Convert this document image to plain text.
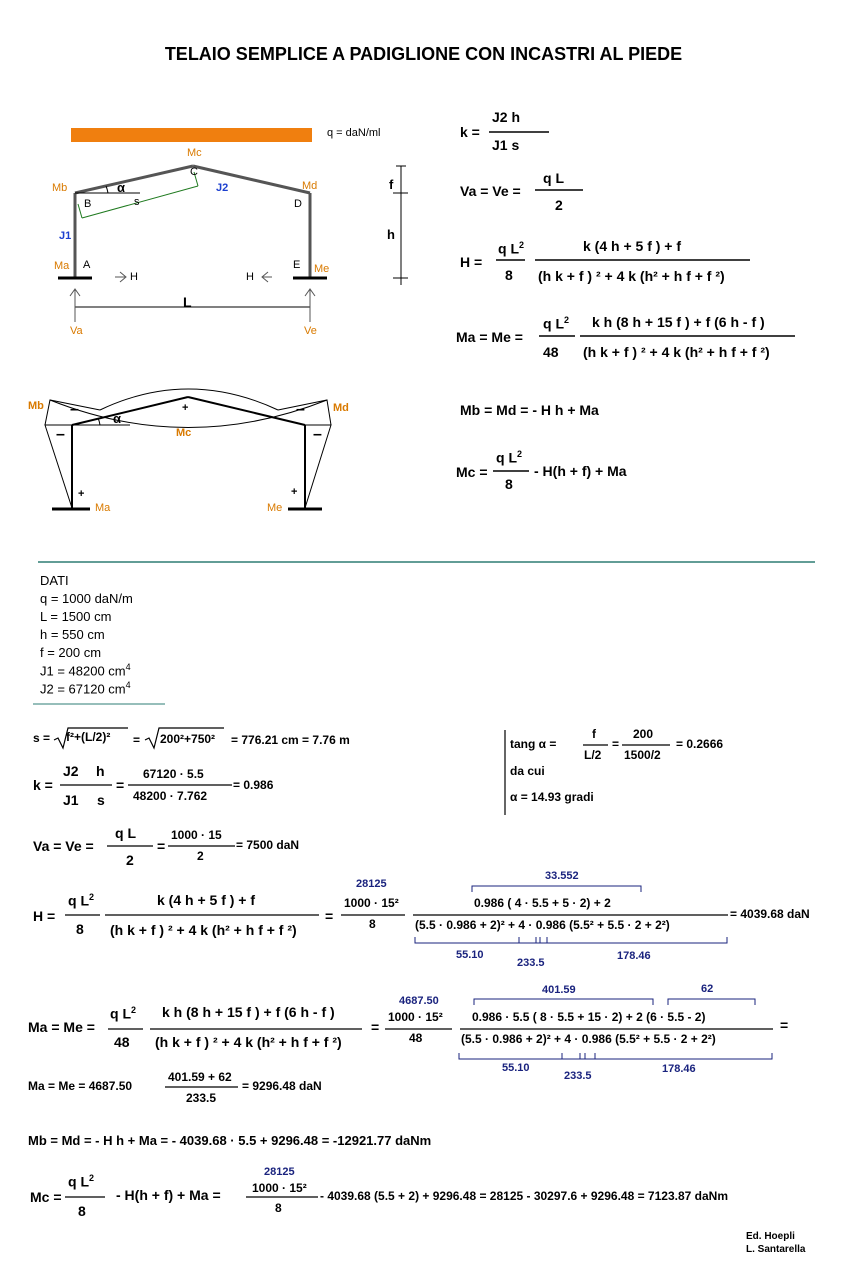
TELAIO SEMPLICE A PADIGLIONE CON INCASTRI AL PIEDE
q = daN/ml
Mc
C
Mb	Md
α	J2
B	s	D
J1
Ma A
H	H
E Me
L
Va	Ve
f
h
Mb	Md
Mc
Ma	Me
α
–	–
–	–
+
+	+
k =
J2 h
J1 s
Va = Ve =
q L
2
H =
q $L^2$
8
k (4 h + 5 f ) + f
(h k + f ) ² + 4 k (h² + h f + f ²)
Ma = Me =
q $L^2$
48
k h (8 h + 15 f ) + f (6 h - f )
(h k + f ) ² + 4 k (h² + h f + f ²)
Mb = Md = - H h + Ma
Mc =
q $L^2$
8
- H(h + f) + Ma
DATI
q = 1000 daN/m
L = 1500 cm
h = 550 cm
f = 200 cm
J1 = 48200 $cm^4$
J2 = 67120 $cm^4$
s = f²+(L/2)² = 200²+750² = 776.21 cm = 7.76 m	tang α =
f
L/2
=
200
1500/2
= 0.2666
da cui
α = 14.93 gradi
k =
J2 h
J1 s
=
67120 · 5.5
48200 · 7.762
= 0.986
Va = Ve =
q L
2
=
1000 · 15
2
= 7500 daN
H =
q $L^2$
8
k (4 h + 5 f ) + f
(h k + f ) ² + 4 k (h² + h f + f ²)
=
28125
1000 · 15²
8
33.552
0.986 ( 4 · 5.5 + 5 · 2) + 2
(5.5 · 0.986 + 2)² + 4 · 0.986 (5.5² + 5.5 · 2 + 2²)
55.10
233.5
178.46
= 4039.68 daN
Ma = Me =
q $L^2$
48
k h (8 h + 15 f ) + f (6 h - f )
(h k + f ) ² + 4 k (h² + h f + f ²)
=
4687.50
1000 · 15²
48
401.59	62
0.986 · 5.5 ( 8 · 5.5 + 15 · 2) + 2 (6 · 5.5 - 2)
(5.5 · 0.986 + 2)² + 4 · 0.986 (5.5² + 5.5 · 2 + 2²)
55.10
233.5
178.46
=
Ma = Me = 4687.50
401.59 + 62
233.5
= 9296.48 daN
Mb = Md = - H h + Ma = - 4039.68 · 5.5 + 9296.48 = -12921.77 daNm
Mc =
q $L^2$
8
- H(h + f) + Ma =
28125
1000 · 15²
8
- 4039.68 (5.5 + 2) + 9296.48 = 28125 - 30297.6 + 9296.48 = 7123.87 daNm
Ed. Hoepli
L. Santarella
